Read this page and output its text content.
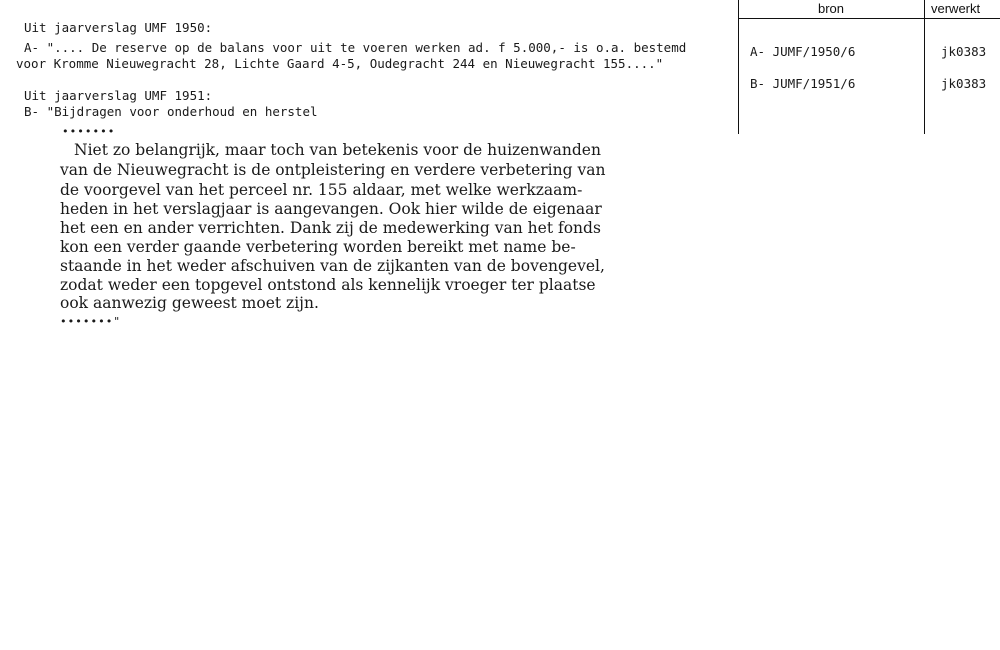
Uit jaarverslag UMF 1950:
A- ".... De reserve op de balans voor uit te voeren werken ad. f 5.000,- is o.a. bestemd
voor Kromme Nieuwegracht 28, Lichte Gaard 4-5, Oudegracht 244 en Nieuwegracht 155...."
Uit jaarverslag UMF 1951:
B- "Bijdragen voor onderhoud en herstel
•••••••
Niet zo belangrijk, maar toch van betekenis voor de huizenwanden
van de Nieuwegracht is de ontpleistering en verdere verbetering van
de voorgevel van het perceel nr. 155 aldaar, met welke werkzaam-
heden in het verslagjaar is aangevangen. Ook hier wilde de eigenaar
het een en ander verrichten. Dank zij de medewerking van het fonds
kon een verder gaande verbetering worden bereikt met name be-
staande in het weder afschuiven van de zijkanten van de bovengevel,
zodat weder een topgevel ontstond als kennelijk vroeger ter plaatse
ook aanwezig geweest moet zijn.
•••••••"
bron	verwerkt
A- JUMF/1950/6	jk0383
B- JUMF/1951/6	jk0383
